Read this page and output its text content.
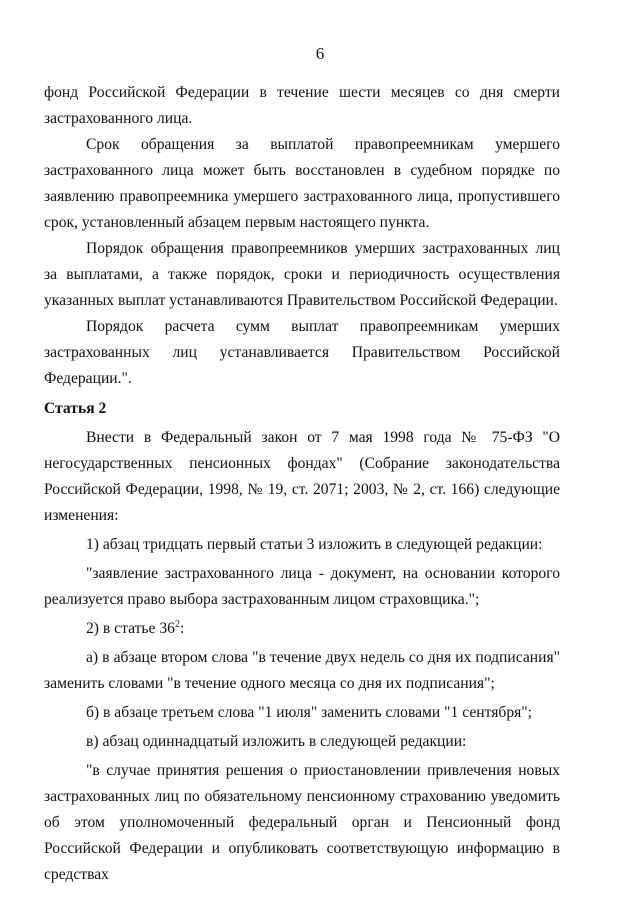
6

фонд Российской Федерации в течение шести месяцев со дня смерти застрахованного лица.

Срок обращения за выплатой правопреемникам умершего застрахованного лица может быть восстановлен в судебном порядке по заявлению правопреемника умершего застрахованного лица, пропустившего срок, установленный абзацем первым настоящего пункта.

Порядок обращения правопреемников умерших застрахованных лиц за выплатами, а также порядок, сроки и периодичность осуществления указанных выплат устанавливаются Правительством Российской Федерации.

Порядок расчета сумм выплат правопреемникам умерших застрахованных лиц устанавливается Правительством Российской Федерации.".

Статья 2

Внести в Федеральный закон от 7 мая 1998 года № 75-ФЗ "О негосударственных пенсионных фондах" (Собрание законодательства Российской Федерации, 1998, № 19, ст. 2071; 2003, № 2, ст. 166) следующие изменения:

1) абзац тридцать первый статьи 3 изложить в следующей редакции:

"заявление застрахованного лица - документ, на основании которого реализуется право выбора застрахованным лицом страховщика.";

2) в статье $36^2$:

а) в абзаце втором слова "в течение двух недель со дня их подписания" заменить словами "в течение одного месяца со дня их подписания";

б) в абзаце третьем слова "1 июля" заменить словами "1 сентября";

в) абзац одиннадцатый изложить в следующей редакции:

"в случае принятия решения о приостановлении привлечения новых застрахованных лиц по обязательному пенсионному страхованию уведомить об этом уполномоченный федеральный орган и Пенсионный фонд Российской Федерации и опубликовать соответствующую информацию в средствах
